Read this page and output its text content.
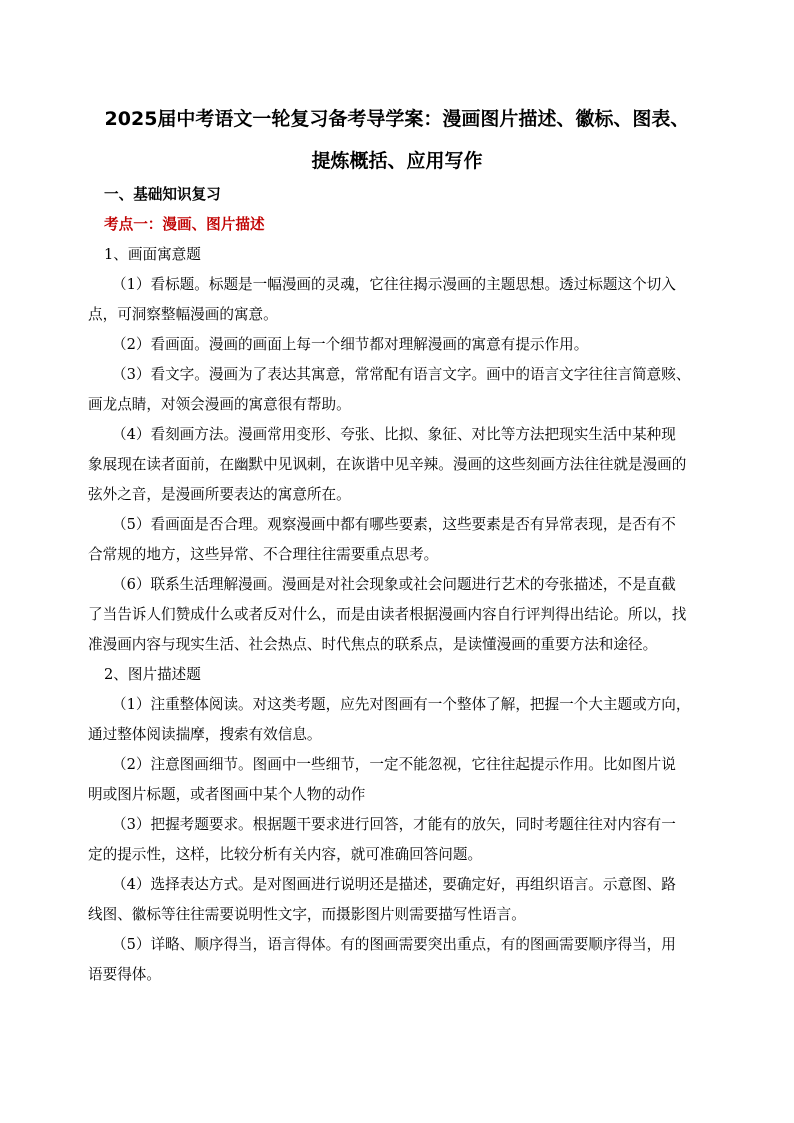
2025届中考语文一轮复习备考导学案：漫画图片描述、徽标、图表、
提炼概括、应用写作
一、基础知识复习
考点一：漫画、图片描述
1、画面寓意题
（1）看标题。标题是一幅漫画的灵魂，它往往揭示漫画的主题思想。透过标题这个切入
点，可洞察整幅漫画的寓意。
（2）看画面。漫画的画面上每一个细节都对理解漫画的寓意有提示作用。
（3）看文字。漫画为了表达其寓意，常常配有语言文字。画中的语言文字往往言简意赅、
画龙点睛，对领会漫画的寓意很有帮助。
（4）看刻画方法。漫画常用变形、夸张、比拟、象征、对比等方法把现实生活中某种现
象展现在读者面前，在幽默中见讽刺，在诙谐中见辛辣。漫画的这些刻画方法往往就是漫画的
弦外之音，是漫画所要表达的寓意所在。
（5）看画面是否合理。观察漫画中都有哪些要素，这些要素是否有异常表现，是否有不
合常规的地方，这些异常、不合理往往需要重点思考。
（6）联系生活理解漫画。漫画是对社会现象或社会问题进行艺术的夸张描述，不是直截
了当告诉人们赞成什么或者反对什么，而是由读者根据漫画内容自行评判得出结论。所以，找
准漫画内容与现实生活、社会热点、时代焦点的联系点，是读懂漫画的重要方法和途径。
2、图片描述题
（1）注重整体阅读。对这类考题，应先对图画有一个整体了解，把握一个大主题或方向，
通过整体阅读揣摩，搜索有效信息。
（2）注意图画细节。图画中一些细节，一定不能忽视，它往往起提示作用。比如图片说
明或图片标题，或者图画中某个人物的动作
（3）把握考题要求。根据题干要求进行回答，才能有的放矢，同时考题往往对内容有一
定的提示性，这样，比较分析有关内容，就可准确回答问题。
（4）选择表达方式。是对图画进行说明还是描述，要确定好，再组织语言。示意图、路
线图、徽标等往往需要说明性文字，而摄影图片则需要描写性语言。
（5）详略、顺序得当，语言得体。有的图画需要突出重点，有的图画需要顺序得当，用
语要得体。
